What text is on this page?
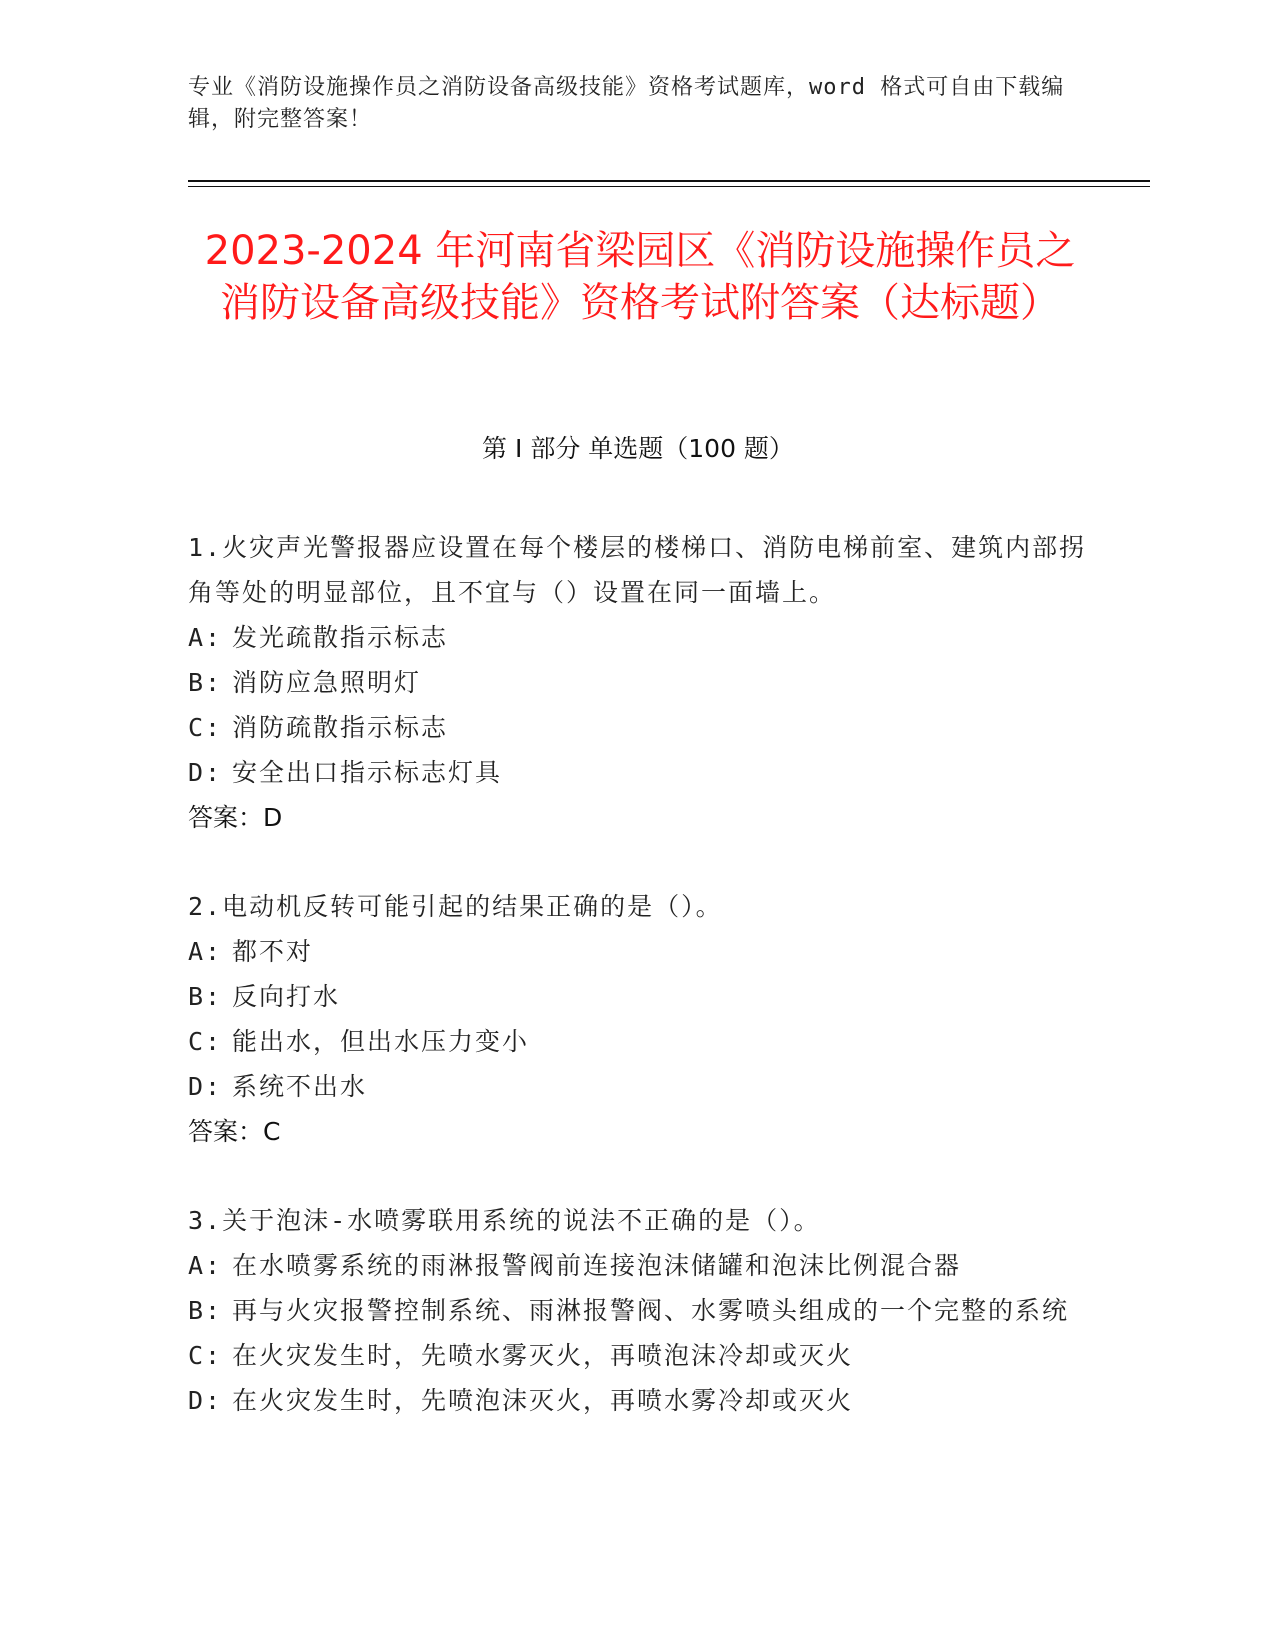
专业《消防设施操作员之消防设备高级技能》资格考试题库，word 格式可自由下载编辑，附完整答案！
2023-2024 年河南省梁园区《消防设施操作员之消防设备高级技能》资格考试附答案（达标题）
第 I 部分 单选题（100 题）
1.火灾声光警报器应设置在每个楼层的楼梯口、消防电梯前室、建筑内部拐角等处的明显部位，且不宜与（）设置在同一面墙上。
A: 发光疏散指示标志
B: 消防应急照明灯
C: 消防疏散指示标志
D: 安全出口指示标志灯具
答案：D
2.电动机反转可能引起的结果正确的是（）。
A: 都不对
B: 反向打水
C: 能出水，但出水压力变小
D: 系统不出水
答案：C
3.关于泡沫-水喷雾联用系统的说法不正确的是（）。
A: 在水喷雾系统的雨淋报警阀前连接泡沫储罐和泡沫比例混合器
B: 再与火灾报警控制系统、雨淋报警阀、水雾喷头组成的一个完整的系统
C: 在火灾发生时，先喷水雾灭火，再喷泡沫冷却或灭火
D: 在火灾发生时，先喷泡沫灭火，再喷水雾冷却或灭火
